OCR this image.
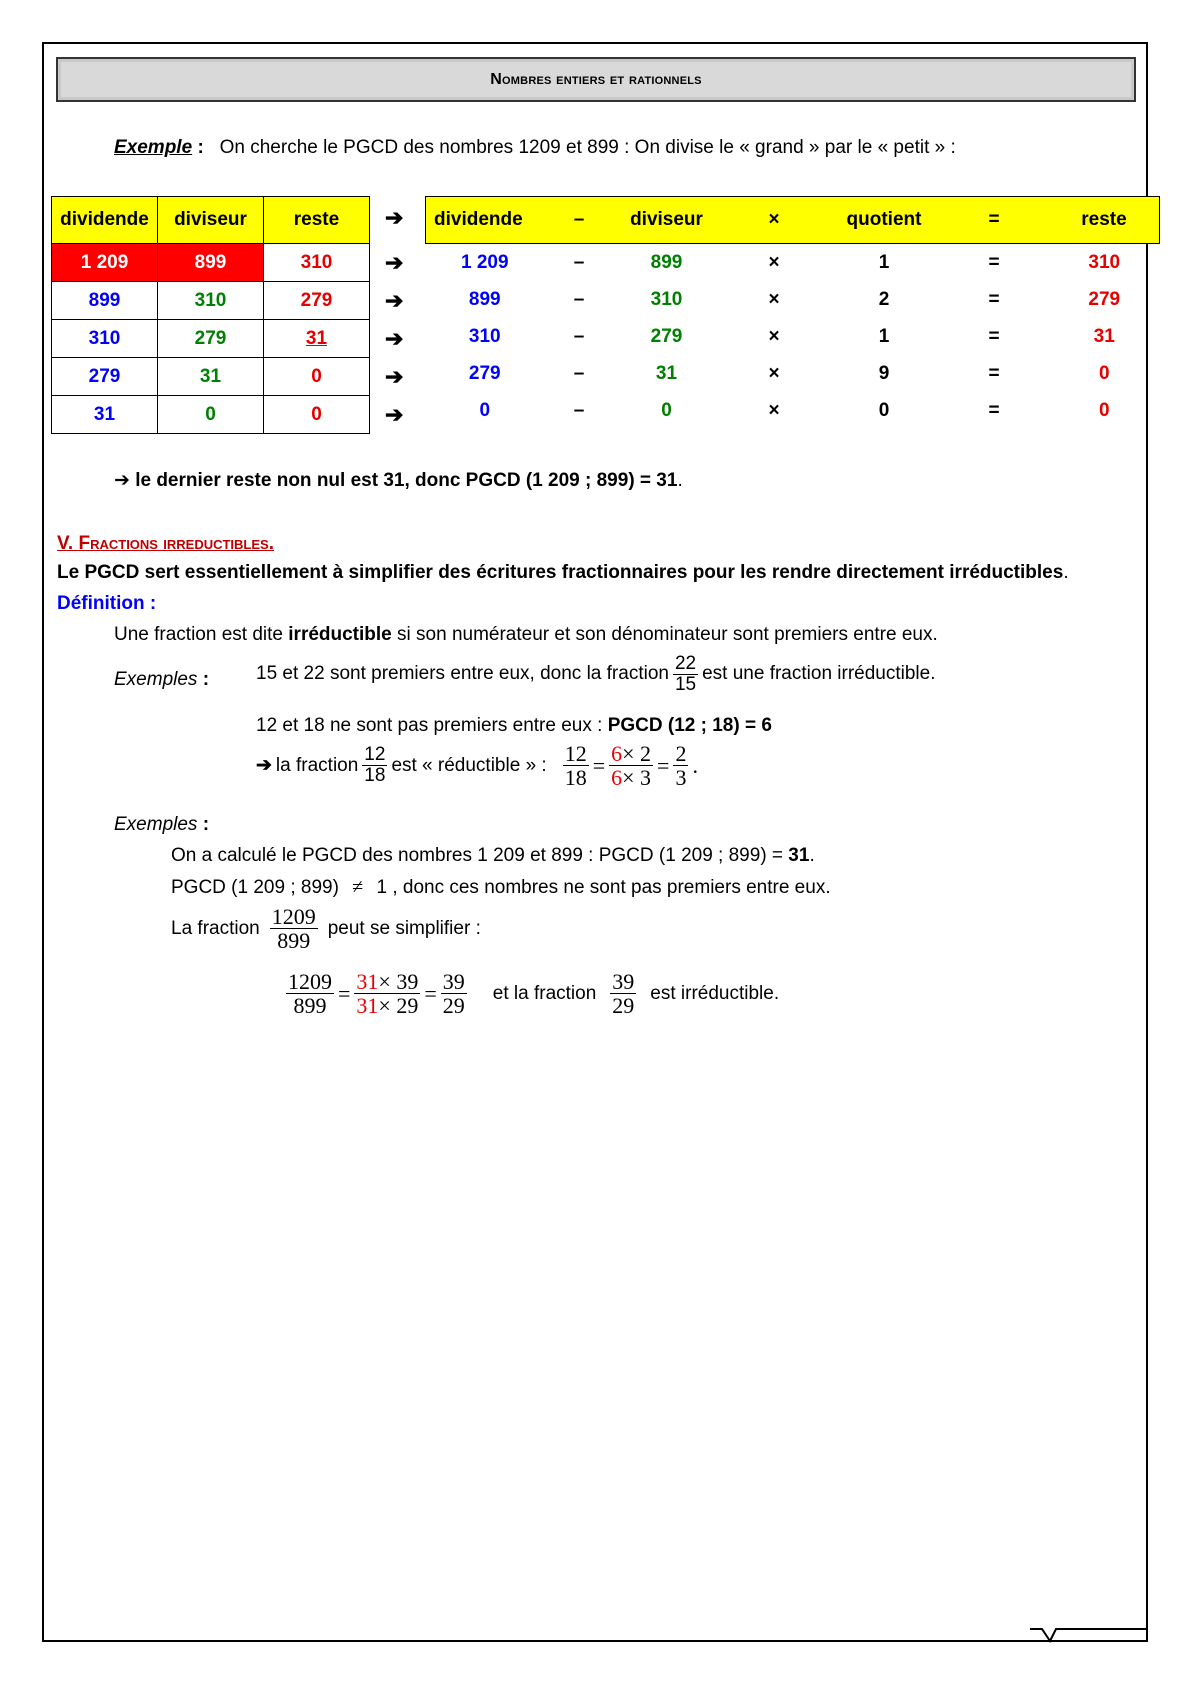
Nombres entiers et rationnels
Exemple : On cherche le PGCD des nombres 1209 et 899 : On divise le « grand » par le « petit » :
dividende	diviseur	reste
1 209	899	310
899	310	279
310	279	31
279	31	0
31	0	0
➔
➔
➔
➔
➔
➔
dividende	–	diviseur	×	quotient	=	reste
1 209	–	899	×	1	=	310
899	–	310	×	2	=	279
310	–	279	×	1	=	31
279	–	31	×	9	=	0
0	–	0	×	0	=	0
➔ le dernier reste non nul est 31, donc PGCD (1 209 ; 899) = 31.
V. Fractions irreductibles.
Le PGCD sert essentiellement à simplifier des écritures fractionnaires pour les rendre directement irréductibles.
Définition :
Une fraction est dite irréductible si son numérateur et son dénominateur sont premiers entre eux.
Exemples : 15 et 22 sont premiers entre eux, donc la fraction $\frac{22}{15}$ est une fraction irréductible.
12 et 18 ne sont pas premiers entre eux : PGCD (12 ; 18) = 6
➔ la fraction $\frac{12}{18}$ est « réductible » : $\frac{12}{18} = \frac{6\times 2}{6\times 3} = \frac{2}{3}$ .
Exemples :
On a calculé le PGCD des nombres 1 209 et 899 : PGCD (1 209 ; 899) = 31.
PGCD (1 209 ; 899) ≠ 1 , donc ces nombres ne sont pas premiers entre eux.
La fraction $\frac{1209}{899}$ peut se simplifier :
$\frac{1209}{899} = \frac{31\times 39}{31\times 29} = \frac{39}{29}$ et la fraction $\frac{39}{29}$ est irréductible.
